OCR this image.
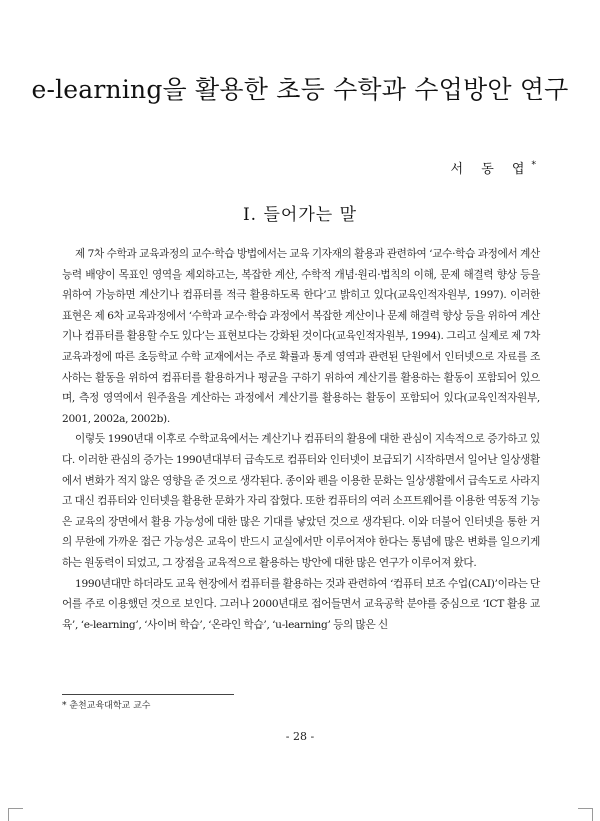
e-learning을 활용한 초등 수학과 수업방안 연구
서 동 엽*
Ⅰ. 들어가는 말

제 7차 수학과 교육과정의 교수·학습 방법에서는 교육 기자재의 활용과 관련하여 ‘교수·학습 과정에서 계산 능력 배양이 목표인 영역을 제외하고는, 복잡한 계산, 수학적 개념·원리·법칙의 이해, 문제 해결력 향상 등을 위하여 가능하면 계산기나 컴퓨터를 적극 활용하도록 한다’고 밝히고 있다(교육인적자원부, 1997). 이러한 표현은 제 6차 교육과정에서 ‘수학과 교수·학습 과정에서 복잡한 계산이나 문제 해결력 향상 등을 위하여 계산기나 컴퓨터를 활용할 수도 있다’는 표현보다는 강화된 것이다(교육인적자원부, 1994). 그리고 실제로 제 7차 교육과정에 따른 초등학교 수학 교재에서는 주로 확률과 통계 영역과 관련된 단원에서 인터넷으로 자료를 조사하는 활동을 위하여 컴퓨터를 활용하거나 평균을 구하기 위하여 계산기를 활용하는 활동이 포함되어 있으며, 측정 영역에서 원주율을 계산하는 과정에서 계산기를 활용하는 활동이 포함되어 있다(교육인적자원부, 2001, 2002a, 2002b).

이렇듯 1990년대 이후로 수학교육에서는 계산기나 컴퓨터의 활용에 대한 관심이 지속적으로 증가하고 있다. 이러한 관심의 증가는 1990년대부터 급속도로 컴퓨터와 인터넷이 보급되기 시작하면서 일어난 일상생활에서 변화가 적지 않은 영향을 준 것으로 생각된다. 종이와 펜을 이용한 문화는 일상생활에서 급속도로 사라지고 대신 컴퓨터와 인터넷을 활용한 문화가 자리 잡혔다. 또한 컴퓨터의 여러 소프트웨어를 이용한 역동적 기능은 교육의 장면에서 활용 가능성에 대한 많은 기대를 낳았던 것으로 생각된다. 이와 더불어 인터넷을 통한 거의 무한에 가까운 접근 가능성은 교육이 반드시 교실에서만 이루어져야 한다는 통념에 많은 변화를 일으키게 하는 원동력이 되었고, 그 장점을 교육적으로 활용하는 방안에 대한 많은 연구가 이루어져 왔다.

1990년대만 하더라도 교육 현장에서 컴퓨터를 활용하는 것과 관련하여 ‘컴퓨터 보조 수업(CAI)’이라는 단어를 주로 이용했던 것으로 보인다. 그러나 2000년대로 접어들면서 교육공학 분야를 중심으로 ‘ICT 활용 교육’, ‘e-learning’, ‘사이버 학습’, ‘온라인 학습’, ‘u-learning’ 등의 많은 신

* 춘천교육대학교 교수
- 28 -
